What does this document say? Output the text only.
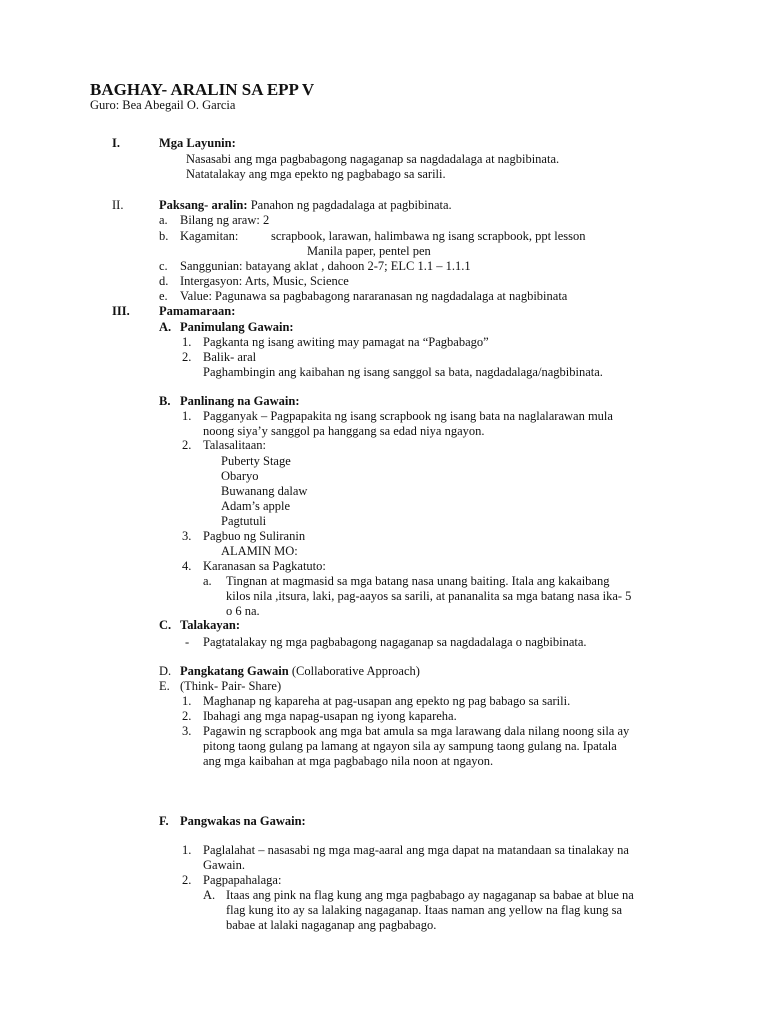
BAGHAY- ARALIN SA EPP V
Guro: Bea Abegail O. Garcia
I.	Mga Layunin:
Nasasabi ang mga pagbabagong nagaganap sa nagdadalaga at nagbibinata.
Natatalakay ang mga epekto ng pagbabago sa sarili.
II.	Paksang- aralin: Panahon ng pagdadalaga at pagbibinata.
a. Bilang ng araw: 2
b. Kagamitan:	scrapbook, larawan, halimbawa ng isang scrapbook, ppt lesson
Manila paper, pentel pen
c. Sanggunian: batayang aklat , dahoon 2-7; ELC 1.1 – 1.1.1
d. Intergasyon: Arts, Music, Science
e. Value: Pagunawa sa pagbabagong nararanasan ng nagdadalaga at nagbibinata
III. Pamamaraan:
A. Panimulang Gawain:
1. Pagkanta ng isang awiting may pamagat na “Pagbabago”
2. Balik- aral
Paghambingin ang kaibahan ng isang sanggol sa bata, nagdadalaga/nagbibinata.
B. Panlinang na Gawain:
1. Pagganyak – Pagpapakita ng isang scrapbook ng isang bata na naglalarawan mula
noong siya’y sanggol pa hanggang sa edad niya ngayon.
2. Talasalitaan:
Puberty Stage
Obaryo
Buwanang dalaw
Adam’s apple
Pagtutuli
3. Pagbuo ng Suliranin
ALAMIN MO:
4. Karanasan sa Pagkatuto:
a. Tingnan at magmasid sa mga batang nasa unang baiting. Itala ang kakaibang
kilos nila ,itsura, laki, pag-aayos sa sarili, at pananalita sa mga batang nasa ika- 5
o 6 na.
C. Talakayan:
- Pagtatalakay ng mga pagbabagong nagaganap sa nagdadalaga o nagbibinata.
D. Pangkatang Gawain (Collaborative Approach)
E. (Think- Pair- Share)
1. Maghanap ng kapareha at pag-usapan ang epekto ng pag babago sa sarili.
2. Ibahagi ang mga napag-usapan ng iyong kapareha.
3. Pagawin ng scrapbook ang mga bat amula sa mga larawang dala nilang noong sila ay
pitong taong gulang pa lamang at ngayon sila ay sampung taong gulang na. Ipatala
ang mga kaibahan at mga pagbabago nila noon at ngayon.
F. Pangwakas na Gawain:
1. Paglalahat – nasasabi ng mga mag-aaral ang mga dapat na matandaan sa tinalakay na
Gawain.
2. Pagpapahalaga:
A. Itaas ang pink na flag kung ang mga pagbabago ay nagaganap sa babae at blue na
flag kung ito ay sa lalaking nagaganap. Itaas naman ang yellow na flag kung sa
babae at lalaki nagaganap ang pagbabago.
